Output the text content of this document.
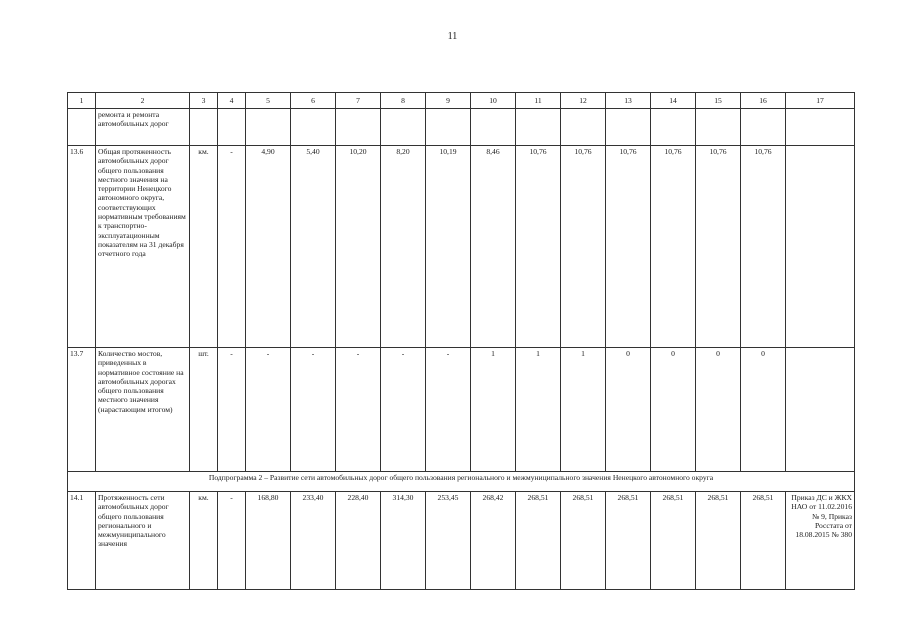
11
1	2	3	4	5	6	7	8	9	10	11	12	13	14	15	16	17
	ремонта и ремонта автомобильных дорог															
13.6	Общая протяженность автомобильных дорог общего пользования местного значения на территории Ненецкого автономного округа, соответствующих нормативным требованиям к транспортно-эксплуатационным показателям на 31 декабря отчетного года	км.	-	4,90	5,40	10,20	8,20	10,19	8,46	10,76	10,76	10,76	10,76	10,76	10,76	
13.7	Количество мостов, приведенных в нормативное состояние на автомобильных дорогах общего пользования местного значения (нарастающим итогом)	шт.	-	-	-	-	-	-	1	1	1	0	0	0	0	
Подпрограмма 2 – Развитие сети автомобильных дорог общего пользования регионального и межмуниципального значения Ненецкого автономного округа																
14.1	Протяженность сети автомобильных дорог общего пользования регионального и межмуниципального значения	км.	-	168,80	233,40	228,40	314,30	253,45	268,42	268,51	268,51	268,51	268,51	268,51	268,51	Приказ ДС и ЖКХ НАО от 11.02.2016 № 9, Приказ Росстата от 18.08.2015 № 380
